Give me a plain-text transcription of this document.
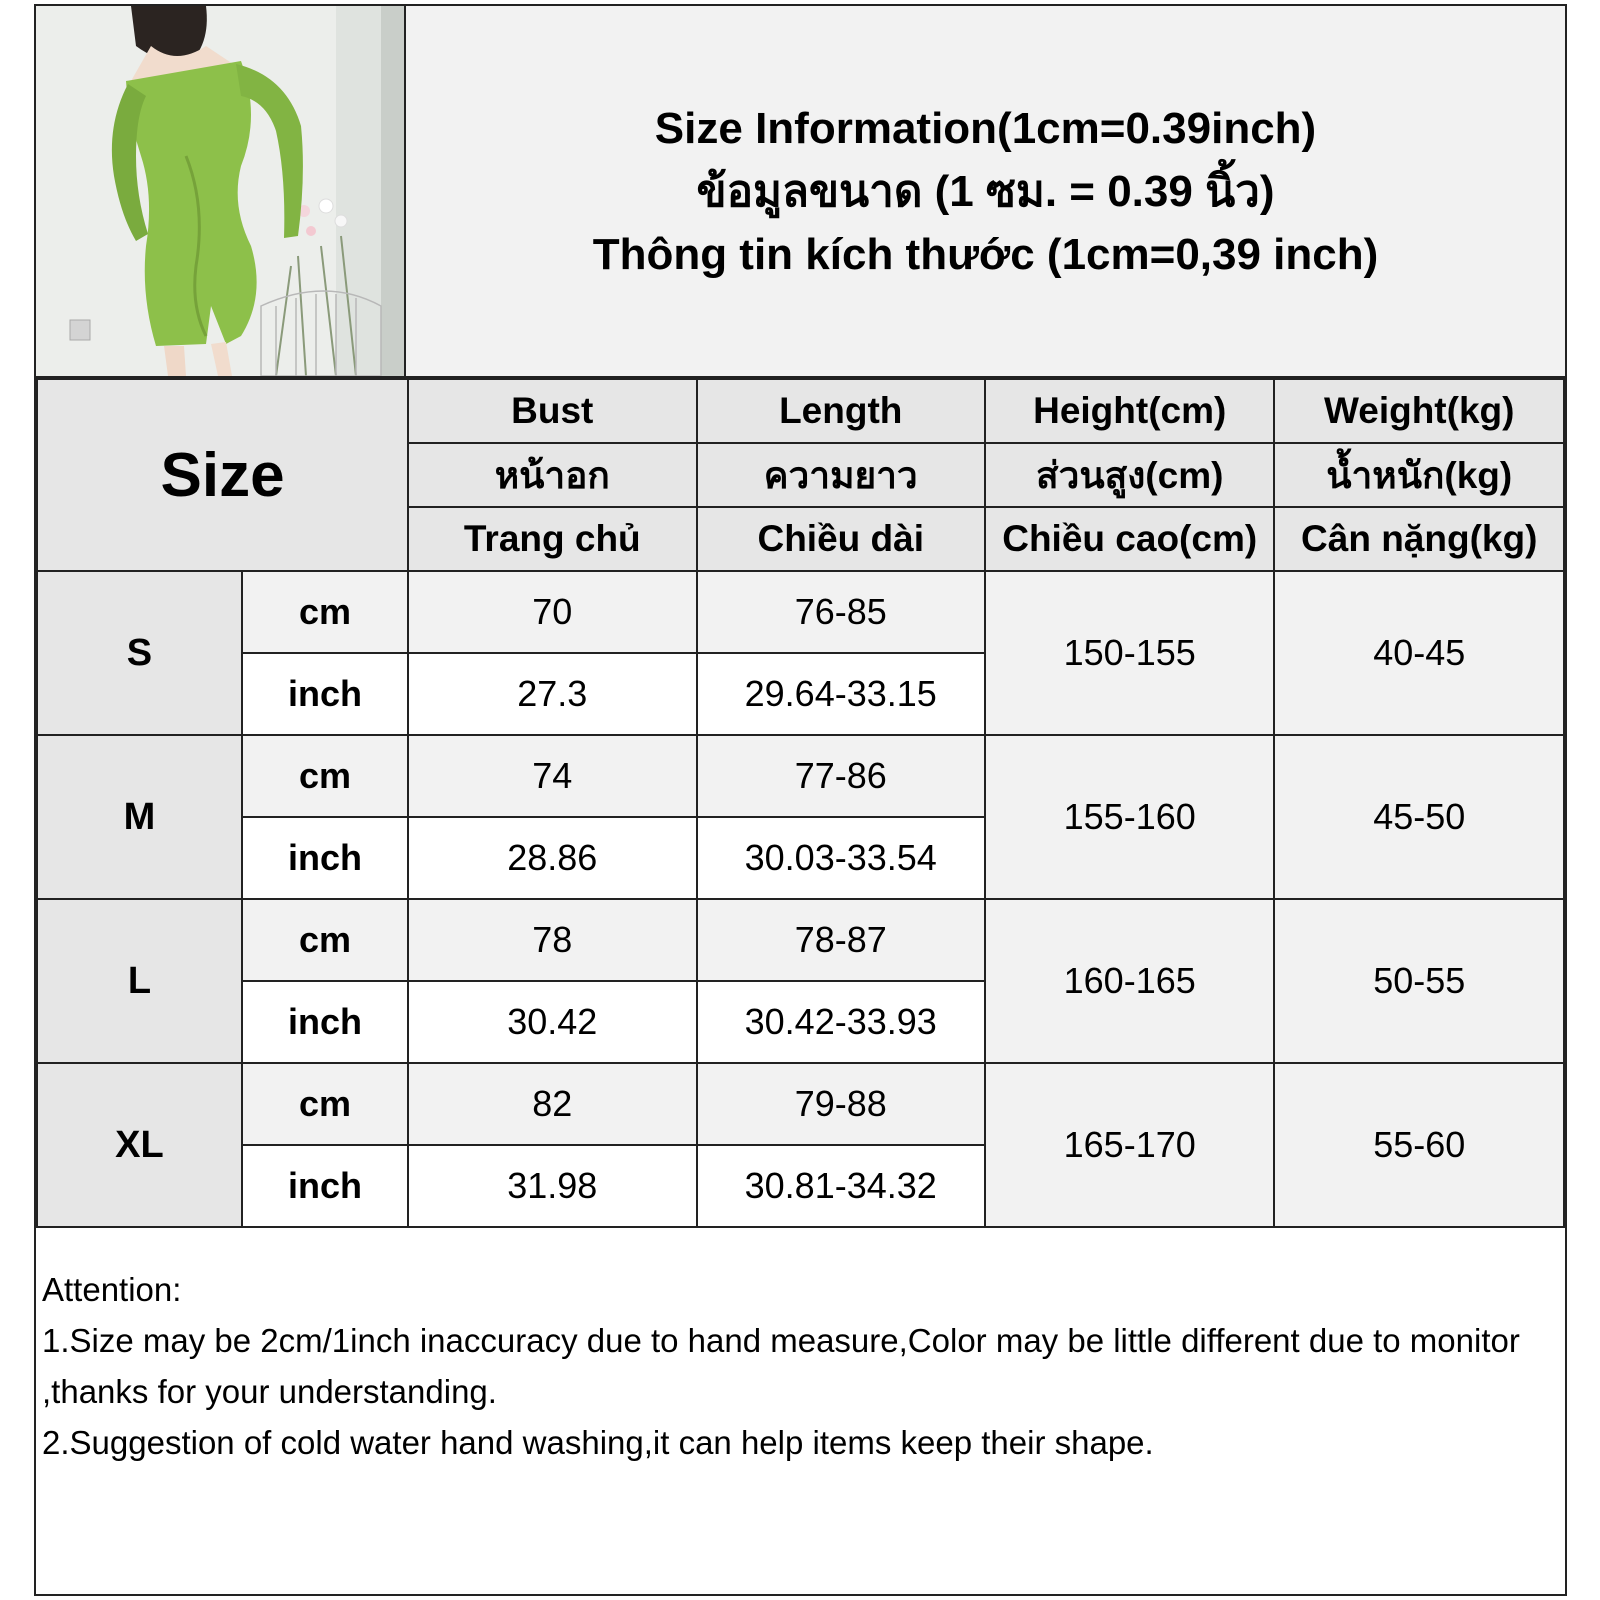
Size Information(1cm=0.39inch)
ข้อมูลขนาด (1 ซม. = 0.39 นิ้ว)
Thông tin kích thước (1cm=0,39 inch)
Size		Bust	Length	Height(cm)	Weight(kg)
		หน้าอก	ความยาว	ส่วนสูง(cm)	น้ำหนัก(kg)
		Trang chủ	Chiều dài	Chiều cao(cm)	Cân nặng(kg)
S	cm	70	76-85	150-155	40-45
	inch	27.3	29.64-33.15		
M	cm	74	77-86	155-160	45-50
	inch	28.86	30.03-33.54		
L	cm	78	78-87	160-165	50-55
	inch	30.42	30.42-33.93		
XL	cm	82	79-88	165-170	55-60
	inch	31.98	30.81-34.32		

Attention:

1.Size may be 2cm/1inch inaccuracy due to hand measure,Color may be little different due to monitor ,thanks for your understanding.

2.Suggestion of cold water hand washing,it can help items keep their shape.
